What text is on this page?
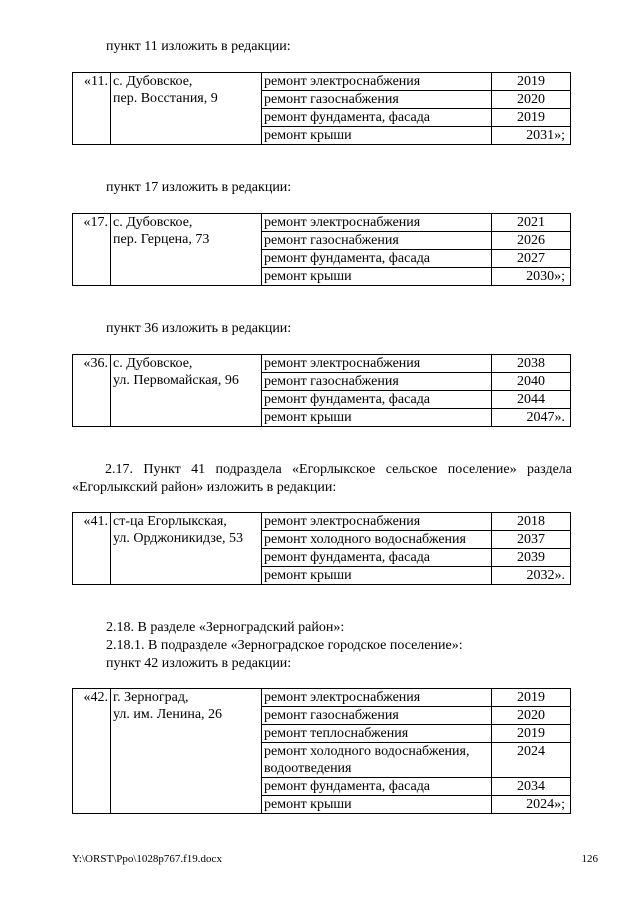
пункт 11 изложить в редакции:

«11.	с. Дубовское,
пер. Восстания, 9	ремонт электроснабжения	2019
		ремонт газоснабжения	2020
		ремонт фундамента, фасада	2019
		ремонт крыши	2031»;

пункт 17 изложить в редакции:

«17.	с. Дубовское,
пер. Герцена, 73	ремонт электроснабжения	2021
		ремонт газоснабжения	2026
		ремонт фундамента, фасада	2027
		ремонт крыши	2030»;

пункт 36 изложить в редакции:

«36.	с. Дубовское,
ул. Первомайская, 96	ремонт электроснабжения	2038
		ремонт газоснабжения	2040
		ремонт фундамента, фасада	2044
		ремонт крыши	2047».

2.17. Пункт 41 подраздела «Егорлыкское сельское поселение» раздела «Егорлыкский район» изложить в редакции:

«41.	ст-ца Егорлыкская,
ул. Орджоникидзе, 53	ремонт электроснабжения	2018
		ремонт холодного водоснабжения	2037
		ремонт фундамента, фасада	2039
		ремонт крыши	2032».

2.18. В разделе «Зерноградский район»:

2.18.1. В подразделе «Зерноградское городское поселение»:

пункт 42 изложить в редакции:

«42.	г. Зерноград,
ул. им. Ленина, 26	ремонт электроснабжения	2019
		ремонт газоснабжения	2020
		ремонт теплоснабжения	2019
		ремонт холодного водоснабжения, водоотведения	2024
		ремонт фундамента, фасада	2034
		ремонт крыши	2024»;
Y:\ORST\Ppo\1028p767.f19.docx	126
